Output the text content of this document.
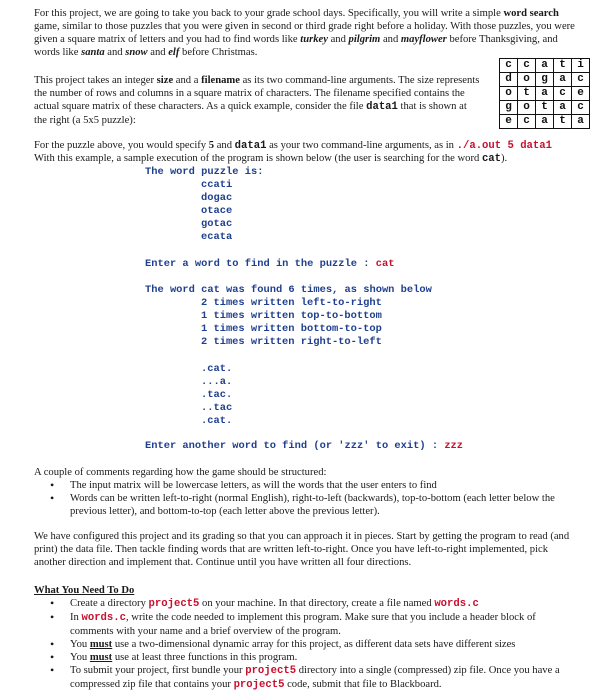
For this project, we are going to take you back to your grade school days. Specifically, you will write a simple word search game, similar to those puzzles that you were given in second or third grade right before a holiday. With those puzzles, you were given a square matrix of letters and you had to find words like turkey and pilgrim and mayflower before Thanksgiving, and words like santa and snow and elf before Christmas.

This project takes an integer size and a filename as its two command-line arguments. The size represents the number of rows and columns in a square matrix of characters. The filename specified contains the actual square matrix of these characters. As a quick example, consider the file data1 that is shown at the right (a 5x5 puzzle):

c	c	a	t	i
d	o	g	a	c
o	t	a	c	e
g	o	t	a	c
e	c	a	t	a

For the puzzle above, you would specify 5 and data1 as your two command-line arguments, as in ./a.out 5 data1

With this example, a sample execution of the program is shown below (the user is searching for the word cat).

The word puzzle is:

ccati

dogac

otace

gotac

ecata

Enter a word to find in the puzzle : cat

The word cat was found 6 times, as shown below

2 times written left-to-right

1 times written top-to-bottom

1 times written bottom-to-top

2 times written right-to-left

.cat.

...a.

.tac.

..tac

.cat.

Enter another word to find (or 'zzz' to exit) : zzz

A couple of comments regarding how the game should be structured:

• The input matrix will be lowercase letters, as will the words that the user enters to find
• Words can be written left-to-right (normal English), right-to-left (backwards), top-to-bottom (each letter below the previous letter), and bottom-to-top (each letter above the previous letter).

We have configured this project and its grading so that you can approach it in pieces. Start by getting the program to read (and print) the data file. Then tackle finding words that are written left-to-right. Once you have left-to-right implemented, pick another direction and implement that. Continue until you have written all four directions.

What You Need To Do

• Create a directory project5 on your machine. In that directory, create a file named words.c
• In words.c, write the code needed to implement this program. Make sure that you include a header block of comments with your name and a brief overview of the program.
• You must use a two-dimensional dynamic array for this project, as different data sets have different sizes
• You must use at least three functions in this program.
• To submit your project, first bundle your project5 directory into a single (compressed) zip file. Once you have a compressed zip file that contains your project5 code, submit that file to Blackboard.
